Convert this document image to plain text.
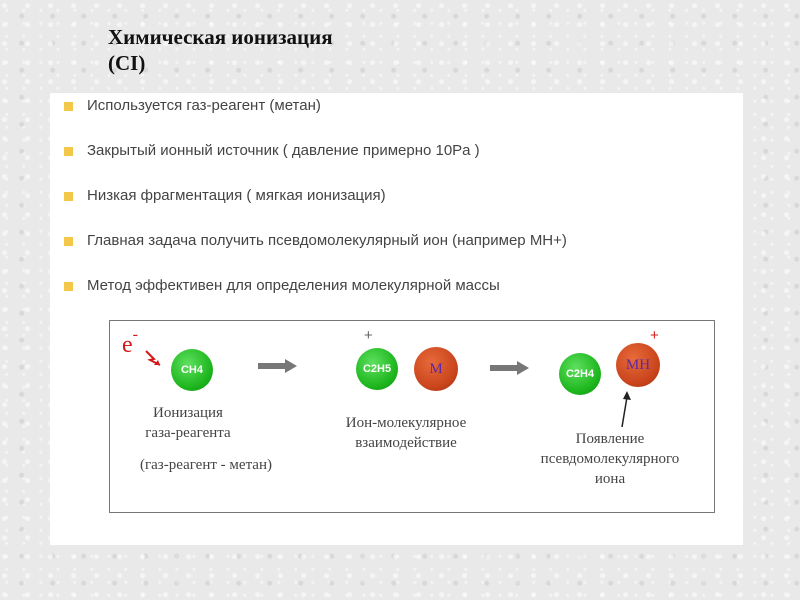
Химическая ионизация
(CI)
Используется газ-реагент (метан)
Закрытый ионный источник ( давление примерно 10Pa )
Низкая фрагментация ( мягкая ионизация)
Главная задача получить псевдомолекулярный ион (например MH+)
Метод эффективен для определения молекулярной массы
e-
CH4
+
C2H5	M	C2H4
+
MH
Ионизация
газа-реагента
(газ-реагент - метан)
Ион-молекулярное
взаимодействие	Появление
псевдомолекулярного
иона
